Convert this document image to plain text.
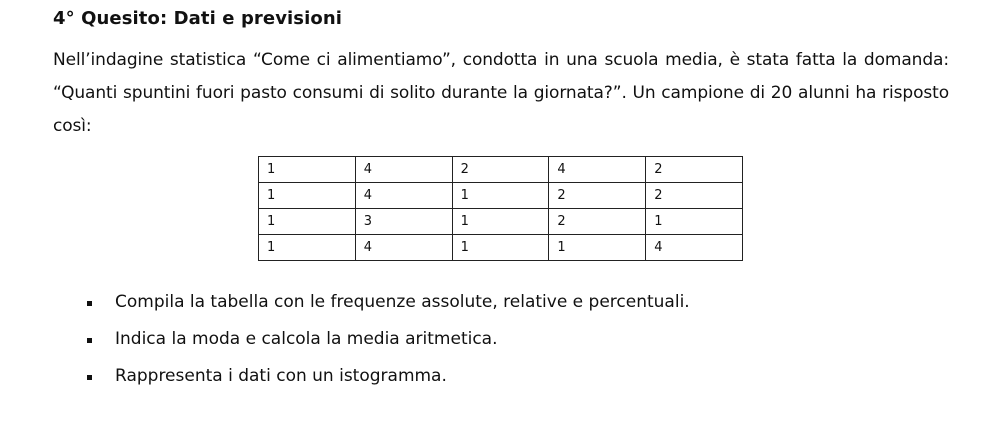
4° Quesito: Dati e previsioni
Nell’indagine statistica “Come ci alimentiamo”, condotta in una scuola media, è stata fatta la domanda: “Quanti spuntini fuori pasto consumi di solito durante la giornata?”. Un campione di 20 alunni ha risposto così:
1	4	2	4	2
1	4	1	2	2
1	3	1	2	1
1	4	1	1	4
Compila la tabella con le frequenze assolute, relative e percentuali.
Indica la moda e calcola la media aritmetica.
Rappresenta i dati con un istogramma.
